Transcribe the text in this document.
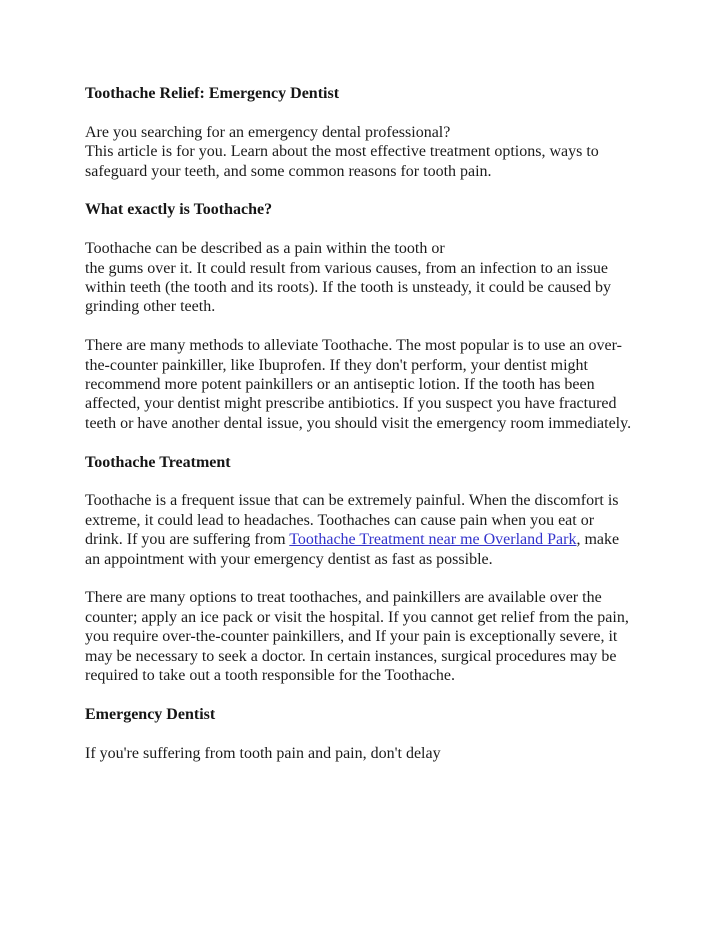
Toothache Relief: Emergency Dentist

Are you searching for an emergency dental professional?
This article is for you. Learn about the most effective treatment options, ways to safeguard your teeth, and some common reasons for tooth pain.

What exactly is Toothache?

Toothache can be described as a pain within the tooth or
the gums over it. It could result from various causes, from an infection to an issue within teeth (the tooth and its roots). If the tooth is unsteady, it could be caused by grinding other teeth.

There are many methods to alleviate Toothache. The most popular is to use an over-the-counter painkiller, like Ibuprofen. If they don't perform, your dentist might recommend more potent painkillers or an antiseptic lotion. If the tooth has been affected, your dentist might prescribe antibiotics. If you suspect you have fractured teeth or have another dental issue, you should visit the emergency room immediately.

Toothache Treatment

Toothache is a frequent issue that can be extremely painful. When the discomfort is extreme, it could lead to headaches. Toothaches can cause pain when you eat or drink. If you are suffering from Toothache Treatment near me Overland Park, make an appointment with your emergency dentist as fast as possible.

There are many options to treat toothaches, and painkillers are available over the counter; apply an ice pack or visit the hospital. If you cannot get relief from the pain, you require over-the-counter painkillers, and If your pain is exceptionally severe, it may be necessary to seek a doctor. In certain instances, surgical procedures may be required to take out a tooth responsible for the Toothache.

Emergency Dentist

If you're suffering from tooth pain and pain, don't delay
